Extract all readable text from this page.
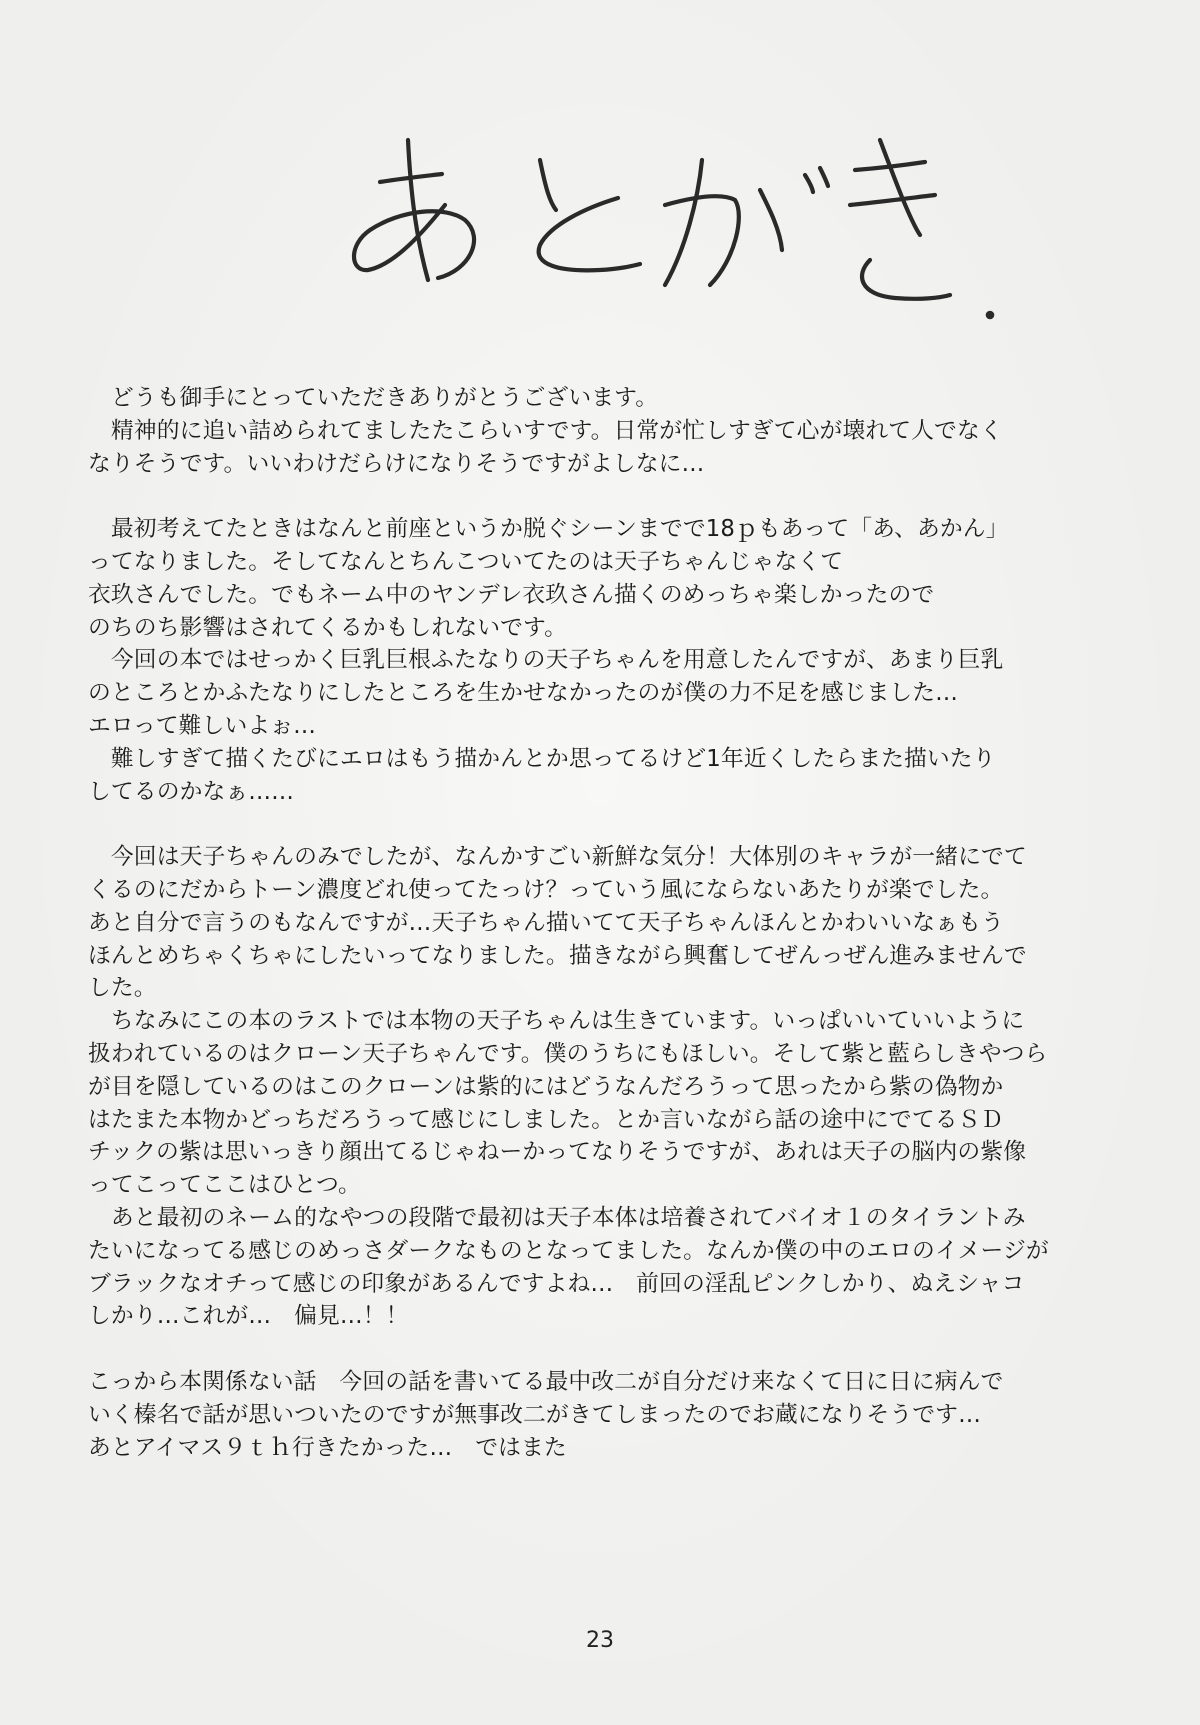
　どうも御手にとっていただきありがとうございます。
　精神的に追い詰められてましたたこらいすです。日常が忙しすぎて心が壊れて人でなく
なりそうです。いいわけだらけになりそうですがよしなに…
　最初考えてたときはなんと前座というか脱ぐシーンまでで18ｐもあって「あ、あかん」
ってなりました。そしてなんとちんこついてたのは天子ちゃんじゃなくて
衣玖さんでした。でもネーム中のヤンデレ衣玖さん描くのめっちゃ楽しかったので
のちのち影響はされてくるかもしれないです。
　今回の本ではせっかく巨乳巨根ふたなりの天子ちゃんを用意したんですが、あまり巨乳
のところとかふたなりにしたところを生かせなかったのが僕の力不足を感じました…
エロって難しいよぉ…
　難しすぎて描くたびにエロはもう描かんとか思ってるけど1年近くしたらまた描いたり
してるのかなぁ……
　今回は天子ちゃんのみでしたが、なんかすごい新鮮な気分！大体別のキャラが一緒にでて
くるのにだからトーン濃度どれ使ってたっけ？っていう風にならないあたりが楽でした。
あと自分で言うのもなんですが…天子ちゃん描いてて天子ちゃんほんとかわいいなぁもう
ほんとめちゃくちゃにしたいってなりました。描きながら興奮してぜんっぜん進みませんで
した。
　ちなみにこの本のラストでは本物の天子ちゃんは生きています。いっぱいいていいように
扱われているのはクローン天子ちゃんです。僕のうちにもほしい。そして紫と藍らしきやつら
が目を隠しているのはこのクローンは紫的にはどうなんだろうって思ったから紫の偽物か
はたまた本物かどっちだろうって感じにしました。とか言いながら話の途中にでてるＳＤ
チックの紫は思いっきり顔出てるじゃねーかってなりそうですが、あれは天子の脳内の紫像
ってこってここはひとつ。
　あと最初のネーム的なやつの段階で最初は天子本体は培養されてバイオ１のタイラントみ
たいになってる感じのめっさダークなものとなってました。なんか僕の中のエロのイメージが
ブラックなオチって感じの印象があるんですよね…　前回の淫乱ピンクしかり、ぬえシャコ
しかり…これが…　偏見…！！
こっから本関係ない話　今回の話を書いてる最中改二が自分だけ来なくて日に日に病んで
いく榛名で話が思いついたのですが無事改二がきてしまったのでお蔵になりそうです…
あとアイマス９ｔｈ行きたかった…　ではまた
23
